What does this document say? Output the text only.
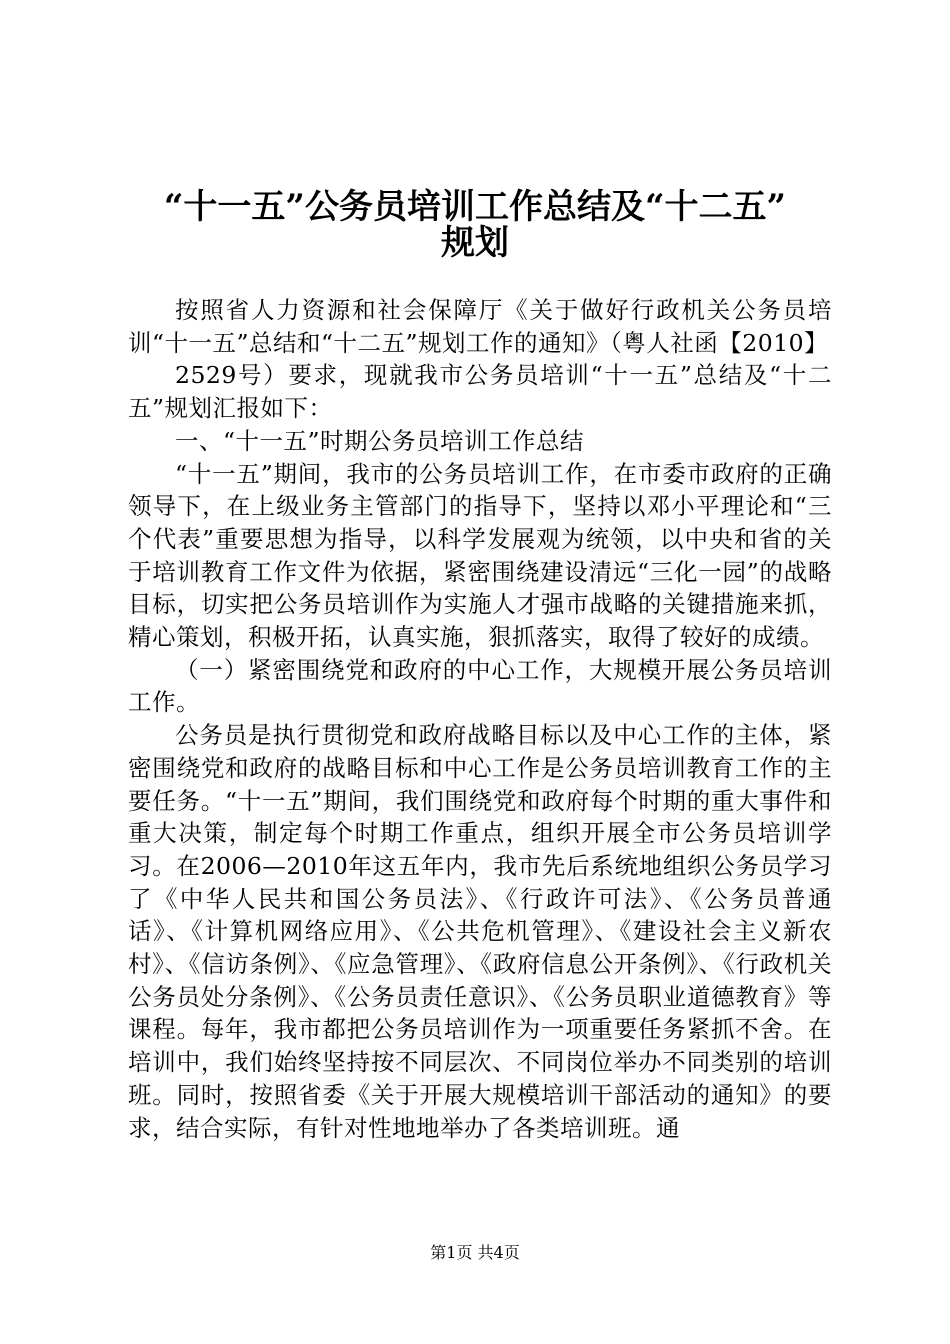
“十一五”公务员培训工作总结及“十二五”
规划

按照省人力资源和社会保障厅《关于做好行政机关公务员培训“十一五”总结和“十二五”规划工作的通知》（粤人社函【2010】

2529号）要求，现就我市公务员培训“十一五”总结及“十二五”规划汇报如下：

一、“十一五”时期公务员培训工作总结

“十一五”期间，我市的公务员培训工作，在市委市政府的正确领导下，在上级业务主管部门的指导下，坚持以邓小平理论和“三个代表”重要思想为指导，以科学发展观为统领，以中央和省的关于培训教育工作文件为依据，紧密围绕建设清远“三化一园”的战略目标，切实把公务员培训作为实施人才强市战略的关键措施来抓，精心策划，积极开拓，认真实施，狠抓落实，取得了较好的成绩。

（一）紧密围绕党和政府的中心工作，大规模开展公务员培训工作。

公务员是执行贯彻党和政府战略目标以及中心工作的主体，紧密围绕党和政府的战略目标和中心工作是公务员培训教育工作的主要任务。“十一五”期间，我们围绕党和政府每个时期的重大事件和重大决策，制定每个时期工作重点，组织开展全市公务员培训学习。在2006—2010年这五年内，我市先后系统地组织公务员学习了《中华人民共和国公务员法》、《行政许可法》、《公务员普通话》、《计算机网络应用》、《公共危机管理》、《建设社会主义新农村》、《信访条例》、《应急管理》、《政府信息公开条例》、《行政机关公务员处分条例》、《公务员责任意识》、《公务员职业道德教育》等课程。每年，我市都把公务员培训作为一项重要任务紧抓不舍。在培训中，我们始终坚持按不同层次、不同岗位举办不同类别的培训班。同时，按照省委《关于开展大规模培训干部活动的通知》的要求，结合实际，有针对性地地举办了各类培训班。通

第1页 共4页
